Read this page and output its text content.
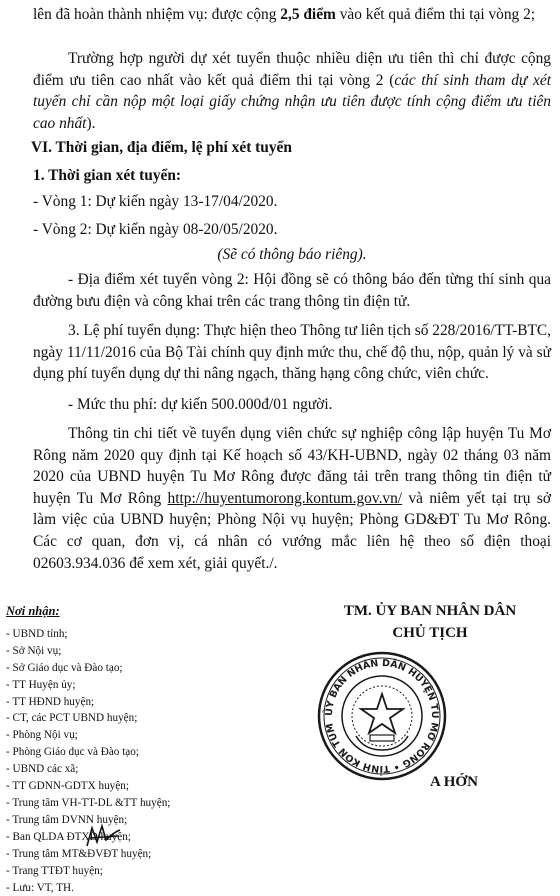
lên đã hoàn thành nhiệm vụ: được cộng 2,5 điểm vào kết quả điểm thi tại vòng 2;
Trường hợp người dự xét tuyển thuộc nhiều diện ưu tiên thì chỉ được cộng điểm ưu tiên cao nhất vào kết quả điểm thi tại vòng 2 (các thí sinh tham dự xét tuyển chỉ cần nộp một loại giấy chứng nhận ưu tiên được tính cộng điểm ưu tiên cao nhất).
VI. Thời gian, địa điểm, lệ phí xét tuyển
1. Thời gian xét tuyển:
- Vòng 1: Dự kiến ngày 13-17/04/2020.
- Vòng 2: Dự kiến ngày 08-20/05/2020.
(Sẽ có thông báo riêng).
- Địa điểm xét tuyển vòng 2: Hội đồng sẽ có thông báo đến từng thí sinh qua đường bưu điện và công khai trên các trang thông tin điện tử.
3. Lệ phí tuyển dụng: Thực hiện theo Thông tư liên tịch số 228/2016/TT-BTC, ngày 11/11/2016 của Bộ Tài chính quy định mức thu, chế độ thu, nộp, quản lý và sử dụng phí tuyển dụng dự thi nâng ngạch, thăng hạng công chức, viên chức.
- Mức thu phí: dự kiến 500.000đ/01 người.
Thông tin chi tiết về tuyển dụng viên chức sự nghiệp công lập huyện Tu Mơ Rông năm 2020 quy định tại Kế hoạch số 43/KH-UBND, ngày 02 tháng 03 năm 2020 của UBND huyện Tu Mơ Rông được đăng tải trên trang thông tin điện tử huyện Tu Mơ Rông http://huyentumorong.kontum.gov.vn/ và niêm yết tại trụ sở làm việc của UBND huyện; Phòng Nội vụ huyện; Phòng GD&ĐT Tu Mơ Rông. Các cơ quan, đơn vị, cá nhân có vướng mắc liên hệ theo số điện thoại 02603.934.036 để xem xét, giải quyết./.
Nơi nhận:
- UBND tỉnh;
- Sở Nội vụ;
- Sở Giáo dục và Đào tạo;
- TT Huyện ủy;
- TT HĐND huyện;
- CT, các PCT UBND huyện;
- Phòng Nội vụ;
- Phòng Giáo dục và Đào tạo;
- UBND các xã;
- TT GDNN-GDTX huyện;
- Trung tâm VH-TT-DL &TT huyện;
- Trung tâm DVNN huyện;
- Ban QLDA ĐTXD huyện;
- Trung tâm MT&ĐVĐT huyện;
- Trang TTĐT huyện;
- Lưu: VT, TH.
TM. ỦY BAN NHÂN DÂN
CHỦ TỊCH
ỦY BAN NHÂN DÂN HUYỆN TU MƠ RÔNG • TỈNH KON TUM
A HỚN
